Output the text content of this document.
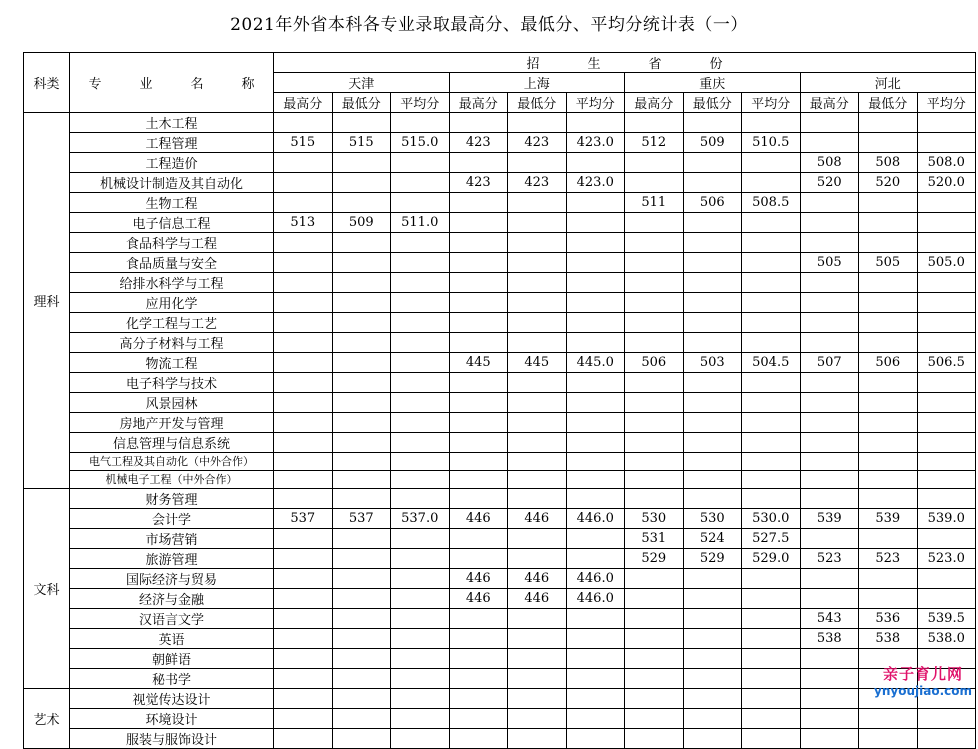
2021年外省本科各专业录取最高分、最低分、平均分统计表（一）
科类	专 业 名 称	招 生 省 份											
		天津			上海			重庆			河北		
		最高分	最低分	平均分	最高分	最低分	平均分	最高分	最低分	平均分	最高分	最低分	平均分
理科	土木工程												
	工程管理	515	515	515.0	423	423	423.0	512	509	510.5			
	工程造价										508	508	508.0
	机械设计制造及其自动化				423	423	423.0				520	520	520.0
	生物工程							511	506	508.5			
	电子信息工程	513	509	511.0									
	食品科学与工程												
	食品质量与安全										505	505	505.0
	给排水科学与工程												
	应用化学												
	化学工程与工艺												
	高分子材料与工程												
	物流工程				445	445	445.0	506	503	504.5	507	506	506.5
	电子科学与技术												
	风景园林												
	房地产开发与管理												
	信息管理与信息系统												
	电气工程及其自动化（中外合作）												
	机械电子工程（中外合作）												
文科	财务管理												
	会计学	537	537	537.0	446	446	446.0	530	530	530.0	539	539	539.0
	市场营销							531	524	527.5			
	旅游管理							529	529	529.0	523	523	523.0
	国际经济与贸易				446	446	446.0						
	经济与金融				446	446	446.0						
	汉语言文学										543	536	539.5
	英语										538	538	538.0
	朝鲜语												
	秘书学												
艺术	视觉传达设计												
	环境设计												
	服装与服饰设计												
亲子育儿网
ynyoujiao.com
